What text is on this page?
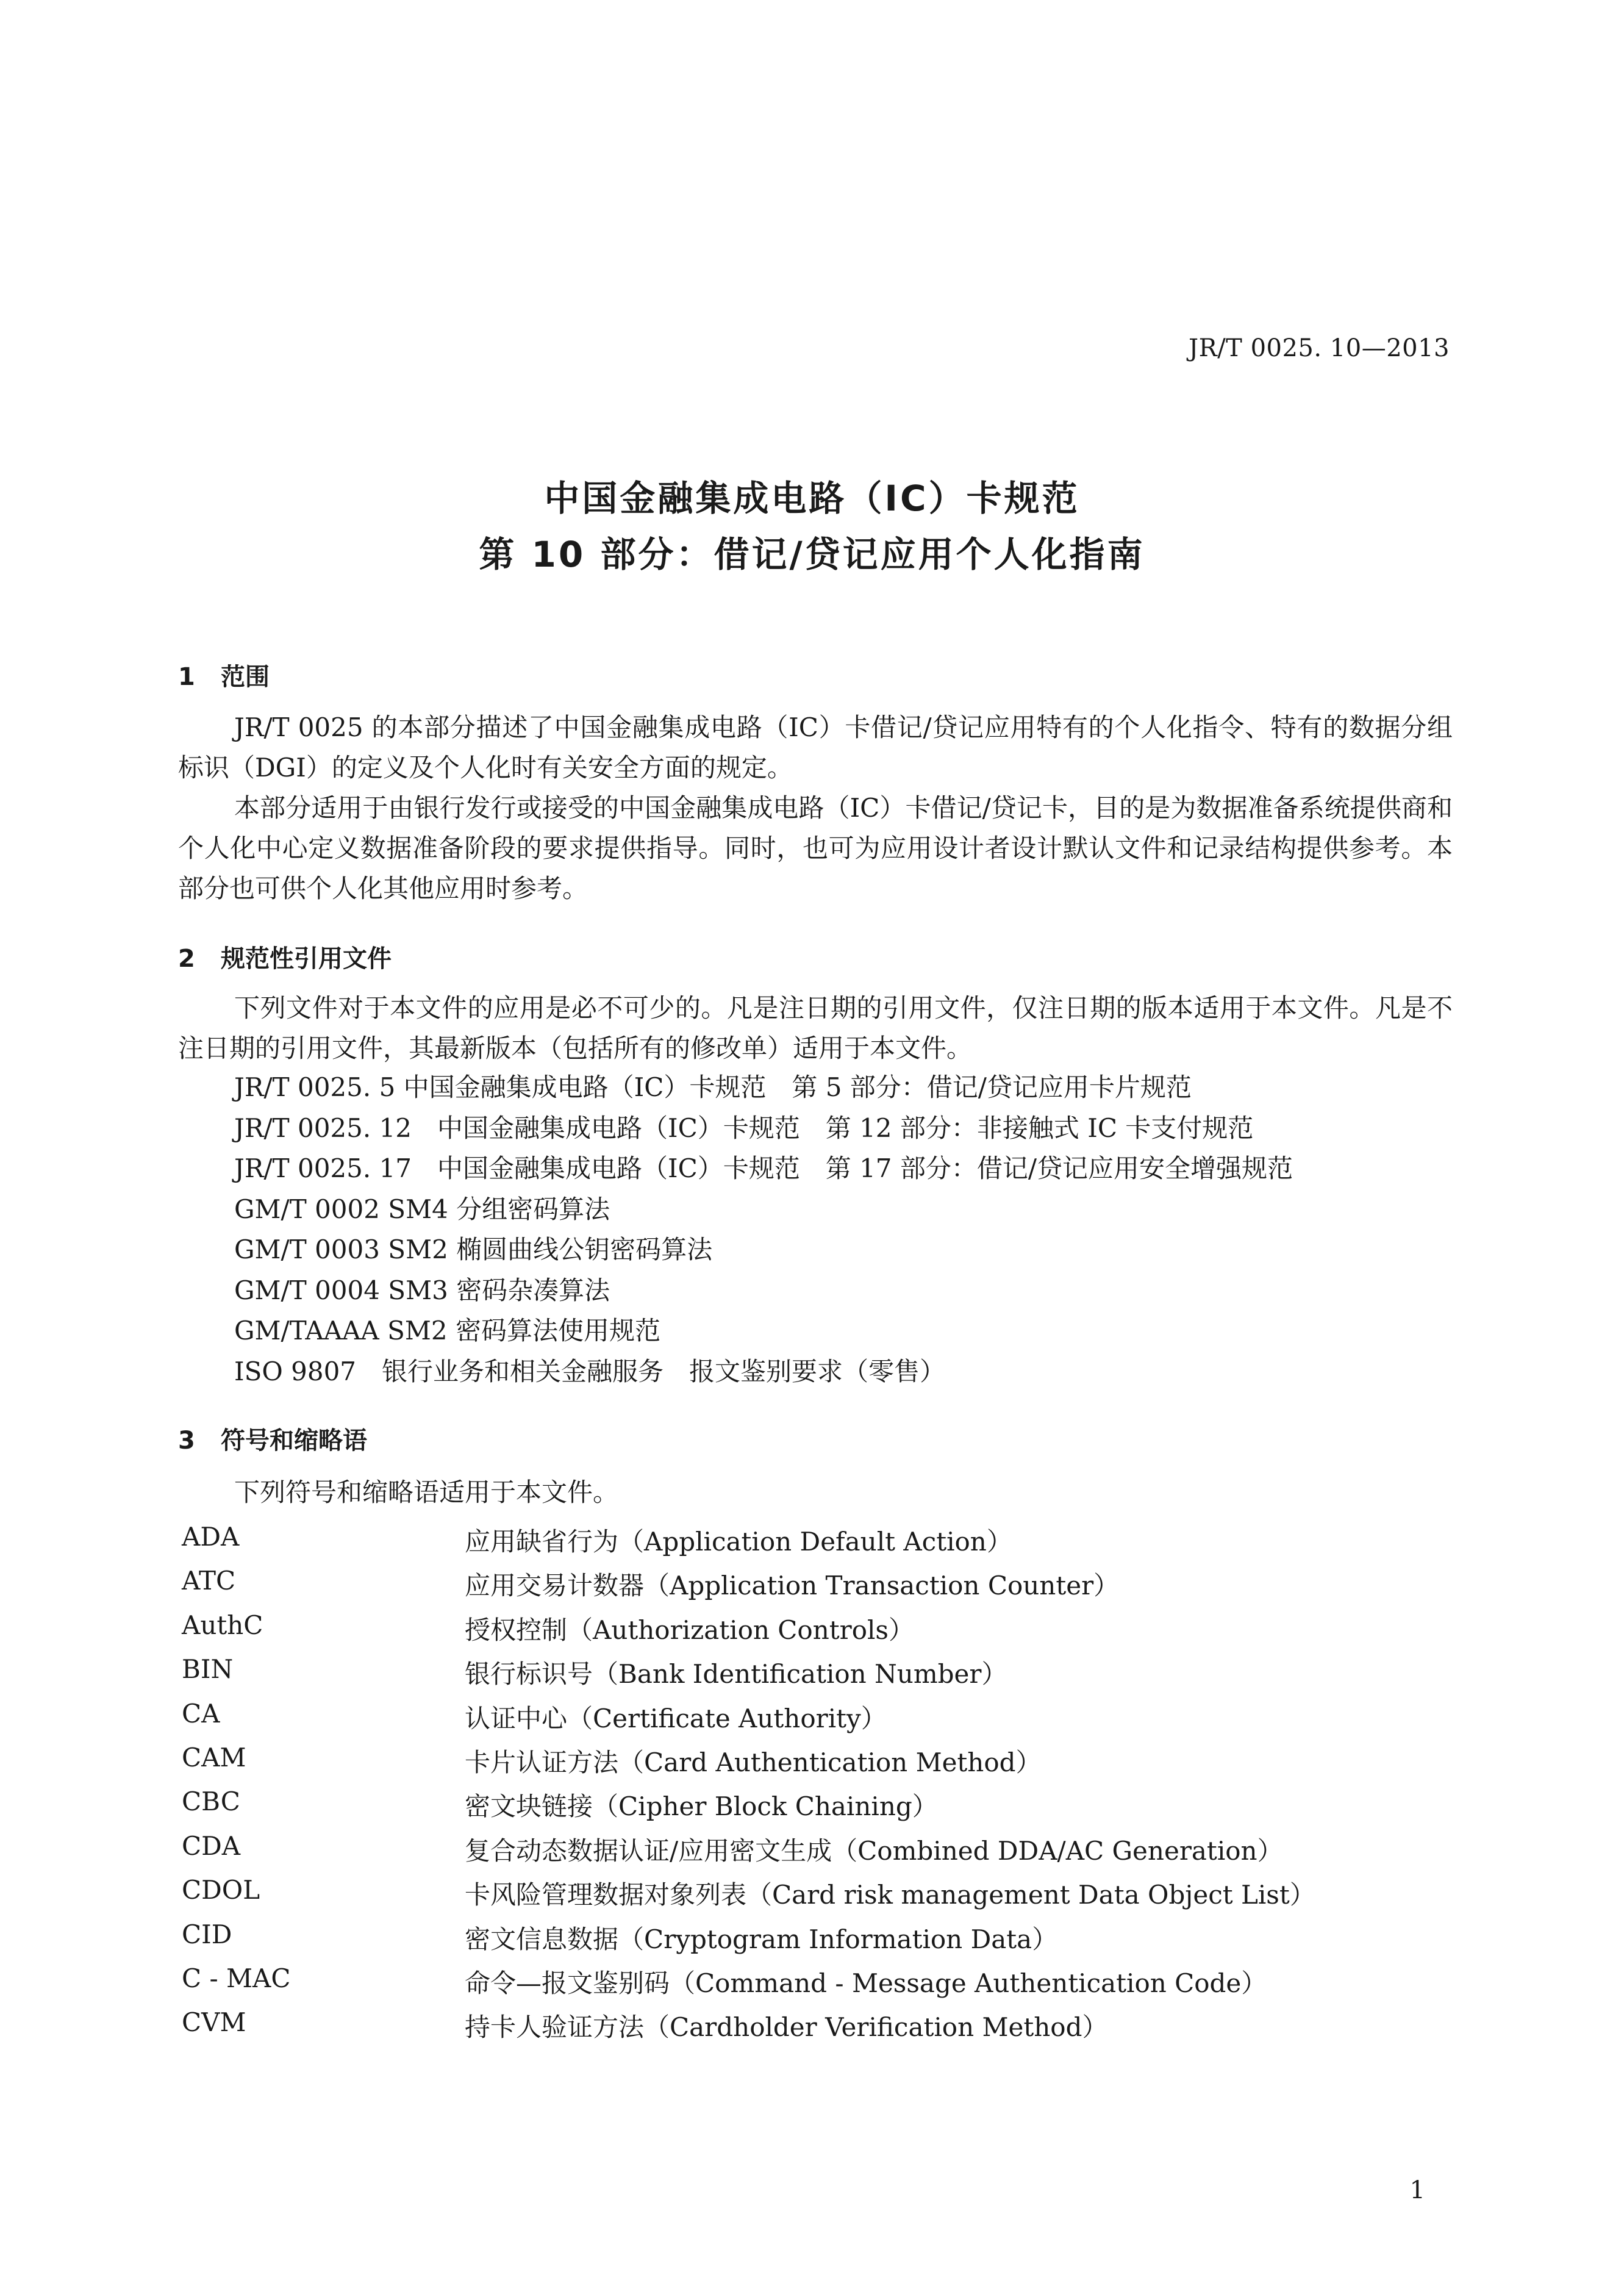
JR/T 0025. 10—2013
中国金融集成电路（IC）卡规范
第 10 部分：借记/贷记应用个人化指南
1 范围

JR/T 0025 的本部分描述了中国金融集成电路（IC）卡借记/贷记应用特有的个人化指令、特有的数据分组标识（DGI）的定义及个人化时有关安全方面的规定。

本部分适用于由银行发行或接受的中国金融集成电路（IC）卡借记/贷记卡，目的是为数据准备系统提供商和个人化中心定义数据准备阶段的要求提供指导。同时，也可为应用设计者设计默认文件和记录结构提供参考。本部分也可供个人化其他应用时参考。

2 规范性引用文件

下列文件对于本文件的应用是必不可少的。凡是注日期的引用文件，仅注日期的版本适用于本文件。凡是不注日期的引用文件，其最新版本（包括所有的修改单）适用于本文件。

JR/T 0025. 5 中国金融集成电路（IC）卡规范　第 5 部分：借记/贷记应用卡片规范
JR/T 0025. 12　中国金融集成电路（IC）卡规范　第 12 部分：非接触式 IC 卡支付规范
JR/T 0025. 17　中国金融集成电路（IC）卡规范　第 17 部分：借记/贷记应用安全增强规范
GM/T 0002 SM4 分组密码算法
GM/T 0003 SM2 椭圆曲线公钥密码算法
GM/T 0004 SM3 密码杂凑算法
GM/TAAAA SM2 密码算法使用规范
ISO 9807　银行业务和相关金融服务　报文鉴别要求（零售）
3 符号和缩略语
下列符号和缩略语适用于本文件。
ADA	应用缺省行为（Application Default Action）
ATC	应用交易计数器（Application Transaction Counter）
AuthC	授权控制（Authorization Controls）
BIN	银行标识号（Bank Identification Number）
CA	认证中心（Certificate Authority）
CAM	卡片认证方法（Card Authentication Method）
CBC	密文块链接（Cipher Block Chaining）
CDA	复合动态数据认证/应用密文生成（Combined DDA/AC Generation）
CDOL	卡风险管理数据对象列表（Card risk management Data Object List）
CID	密文信息数据（Cryptogram Information Data）
C - MAC	命令—报文鉴别码（Command - Message Authentication Code）
CVM	持卡人验证方法（Cardholder Verification Method）
1
